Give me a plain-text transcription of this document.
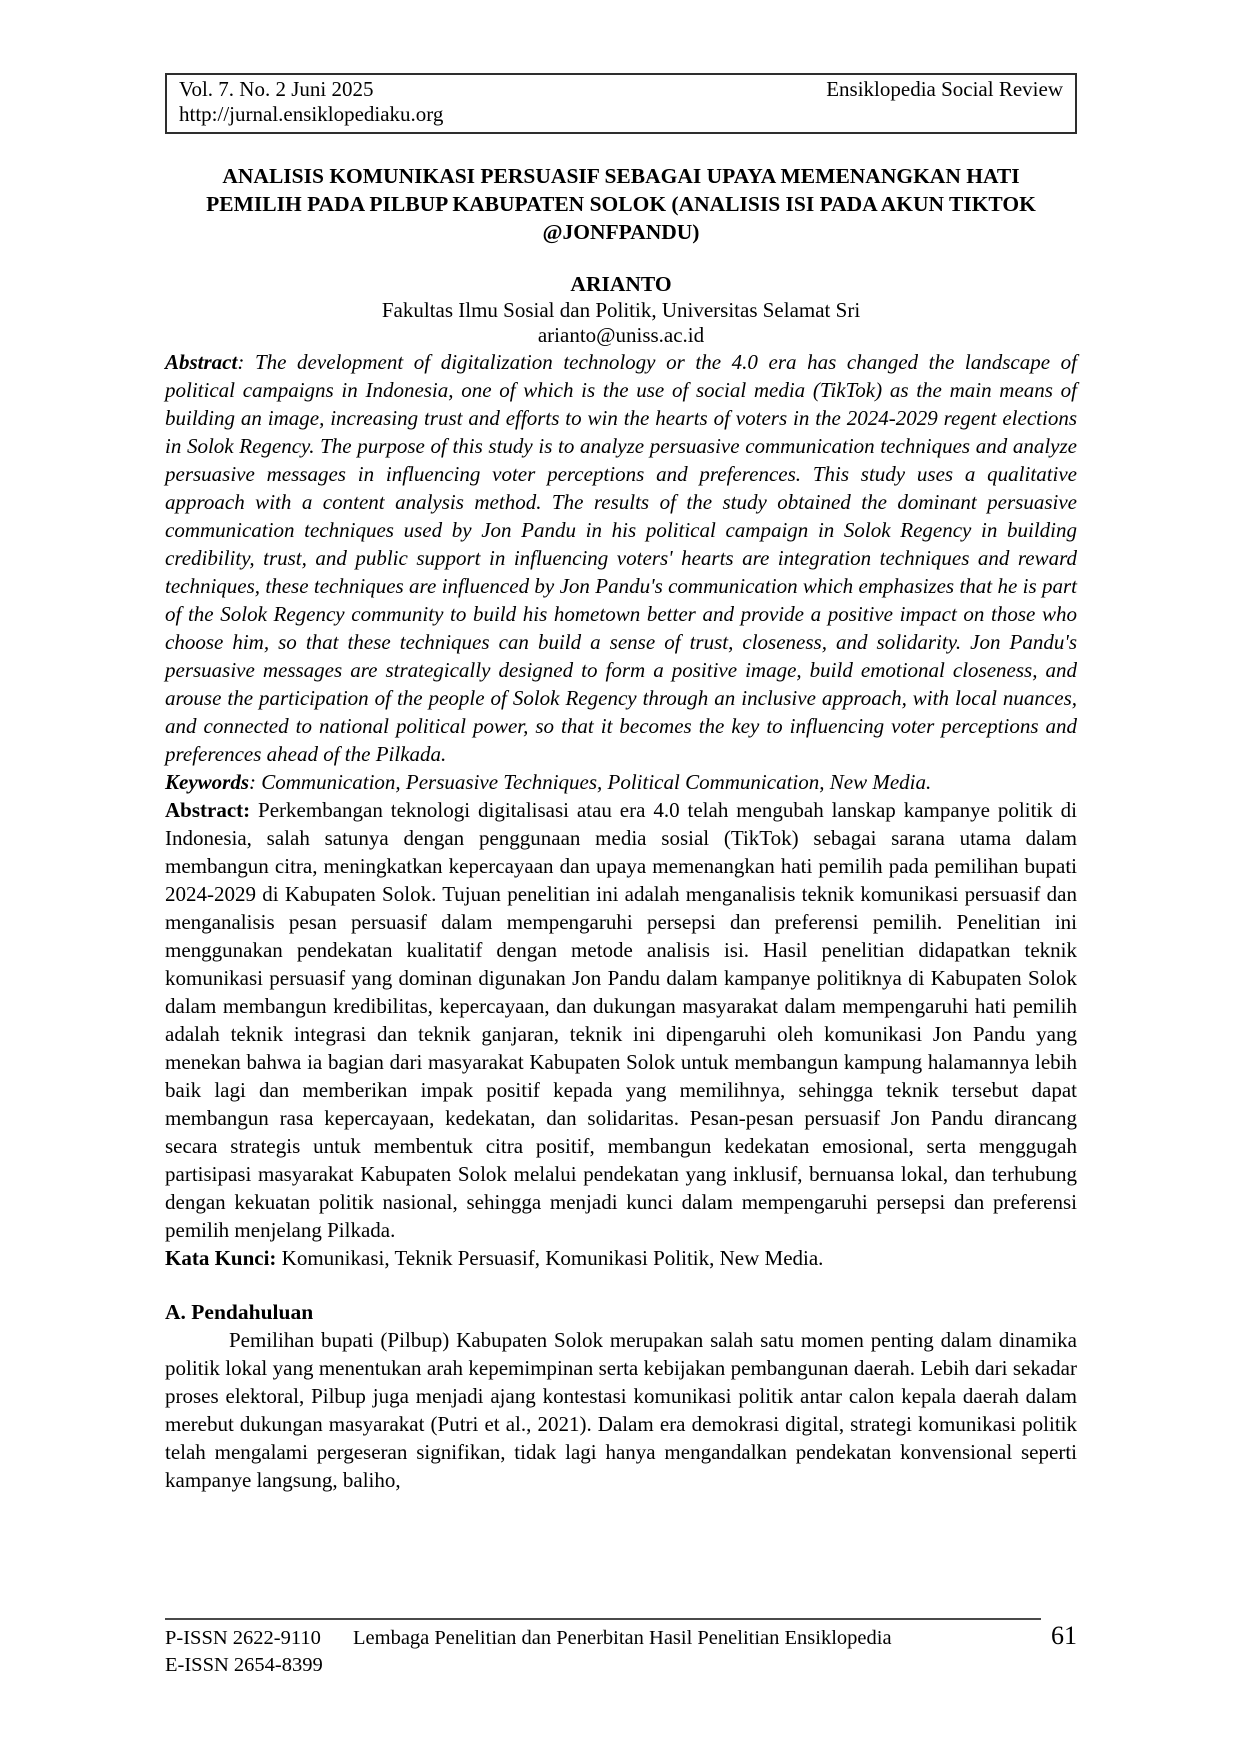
Vol. 7. No. 2 Juni 2025	Ensiklopedia Social Review
http://jurnal.ensiklopediaku.org
ANALISIS KOMUNIKASI PERSUASIF SEBAGAI UPAYA MEMENANGKAN HATI PEMILIH PADA PILBUP KABUPATEN SOLOK (ANALISIS ISI PADA AKUN TIKTOK @JONFPANDU)
ARIANTO
Fakultas Ilmu Sosial dan Politik, Universitas Selamat Sri
arianto@uniss.ac.id

Abstract: The development of digitalization technology or the 4.0 era has changed the landscape of political campaigns in Indonesia, one of which is the use of social media (TikTok) as the main means of building an image, increasing trust and efforts to win the hearts of voters in the 2024-2029 regent elections in Solok Regency. The purpose of this study is to analyze persuasive communication techniques and analyze persuasive messages in influencing voter perceptions and preferences. This study uses a qualitative approach with a content analysis method. The results of the study obtained the dominant persuasive communication techniques used by Jon Pandu in his political campaign in Solok Regency in building credibility, trust, and public support in influencing voters' hearts are integration techniques and reward techniques, these techniques are influenced by Jon Pandu's communication which emphasizes that he is part of the Solok Regency community to build his hometown better and provide a positive impact on those who choose him, so that these techniques can build a sense of trust, closeness, and solidarity. Jon Pandu's persuasive messages are strategically designed to form a positive image, build emotional closeness, and arouse the participation of the people of Solok Regency through an inclusive approach, with local nuances, and connected to national political power, so that it becomes the key to influencing voter perceptions and preferences ahead of the Pilkada.

Keywords: Communication, Persuasive Techniques, Political Communication, New Media.

Abstract: Perkembangan teknologi digitalisasi atau era 4.0 telah mengubah lanskap kampanye politik di Indonesia, salah satunya dengan penggunaan media sosial (TikTok) sebagai sarana utama dalam membangun citra, meningkatkan kepercayaan dan upaya memenangkan hati pemilih pada pemilihan bupati 2024-2029 di Kabupaten Solok. Tujuan penelitian ini adalah menganalisis teknik komunikasi persuasif dan menganalisis pesan persuasif dalam mempengaruhi persepsi dan preferensi pemilih. Penelitian ini menggunakan pendekatan kualitatif dengan metode analisis isi. Hasil penelitian didapatkan teknik komunikasi persuasif yang dominan digunakan Jon Pandu dalam kampanye politiknya di Kabupaten Solok dalam membangun kredibilitas, kepercayaan, dan dukungan masyarakat dalam mempengaruhi hati pemilih adalah teknik integrasi dan teknik ganjaran, teknik ini dipengaruhi oleh komunikasi Jon Pandu yang menekan bahwa ia bagian dari masyarakat Kabupaten Solok untuk membangun kampung halamannya lebih baik lagi dan memberikan impak positif kepada yang memilihnya, sehingga teknik tersebut dapat membangun rasa kepercayaan, kedekatan, dan solidaritas. Pesan-pesan persuasif Jon Pandu dirancang secara strategis untuk membentuk citra positif, membangun kedekatan emosional, serta menggugah partisipasi masyarakat Kabupaten Solok melalui pendekatan yang inklusif, bernuansa lokal, dan terhubung dengan kekuatan politik nasional, sehingga menjadi kunci dalam mempengaruhi persepsi dan preferensi pemilih menjelang Pilkada.

Kata Kunci: Komunikasi, Teknik Persuasif, Komunikasi Politik, New Media.

A. Pendahuluan

Pemilihan bupati (Pilbup) Kabupaten Solok merupakan salah satu momen penting dalam dinamika politik lokal yang menentukan arah kepemimpinan serta kebijakan pembangunan daerah. Lebih dari sekadar proses elektoral, Pilbup juga menjadi ajang kontestasi komunikasi politik antar calon kepala daerah dalam merebut dukungan masyarakat (Putri et al., 2021). Dalam era demokrasi digital, strategi komunikasi politik telah mengalami pergeseran signifikan, tidak lagi hanya mengandalkan pendekatan konvensional seperti kampanye langsung, baliho,

P-ISSN 2622-9110	Lembaga Penelitian dan Penerbitan Hasil Penelitian Ensiklopedia	61
E-ISSN 2654-8399
